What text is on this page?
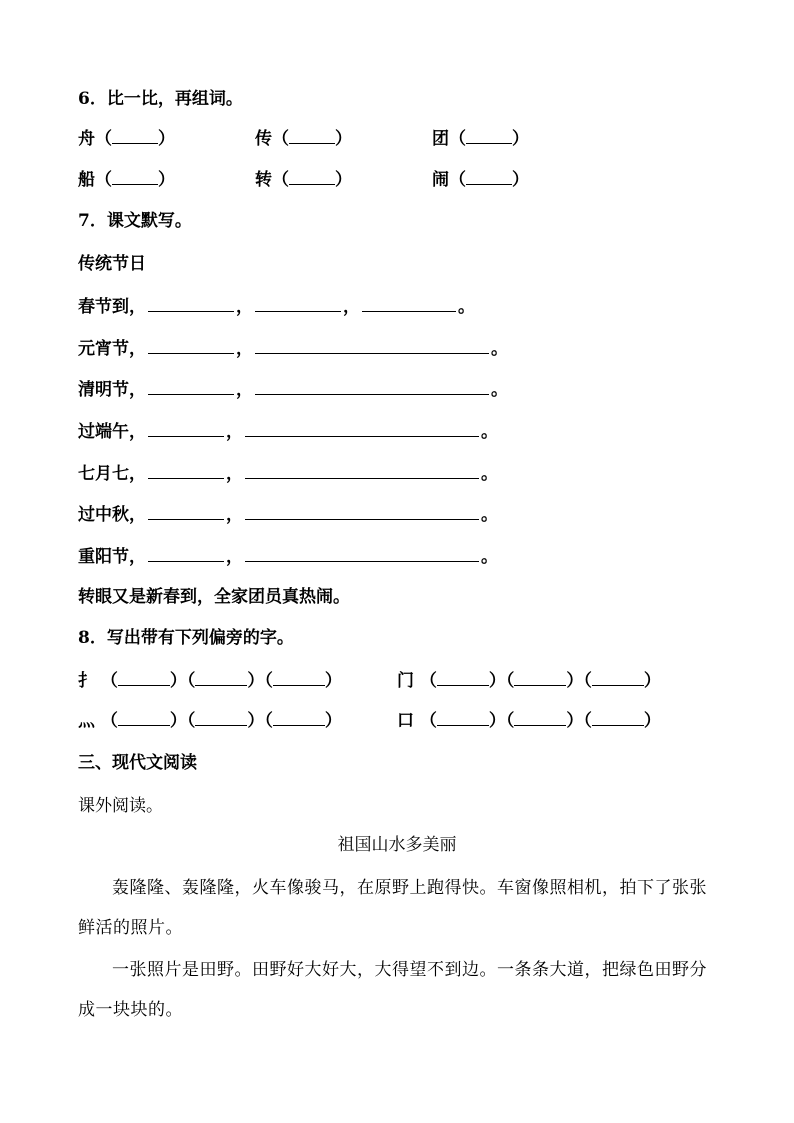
6．比一比，再组词。
舟（	）	传（	）	团（	）
船（	）	转（	）	闹（	）
7．课文默写。
传统节日
春节到，	，	，	。
元宵节，	，	。
清明节，	，	。
过端午，	，	。
七月七，	，	。
过中秋，	，	。
重阳节，	，	。
转眼又是新春到，全家团员真热闹。
8．写出带有下列偏旁的字。
扌 （	）（	）（	）	门 （	）（	）（	）
灬 （	）（	）（	）	口 （	）（	）（	）
三、现代文阅读
课外阅读。
祖国山水多美丽
轰隆隆、轰隆隆，火车像骏马，在原野上跑得快。车窗像照相机，拍下了张张鲜活的照片。
一张照片是田野。田野好大好大，大得望不到边。一条条大道，把绿色田野分成一块块的。
